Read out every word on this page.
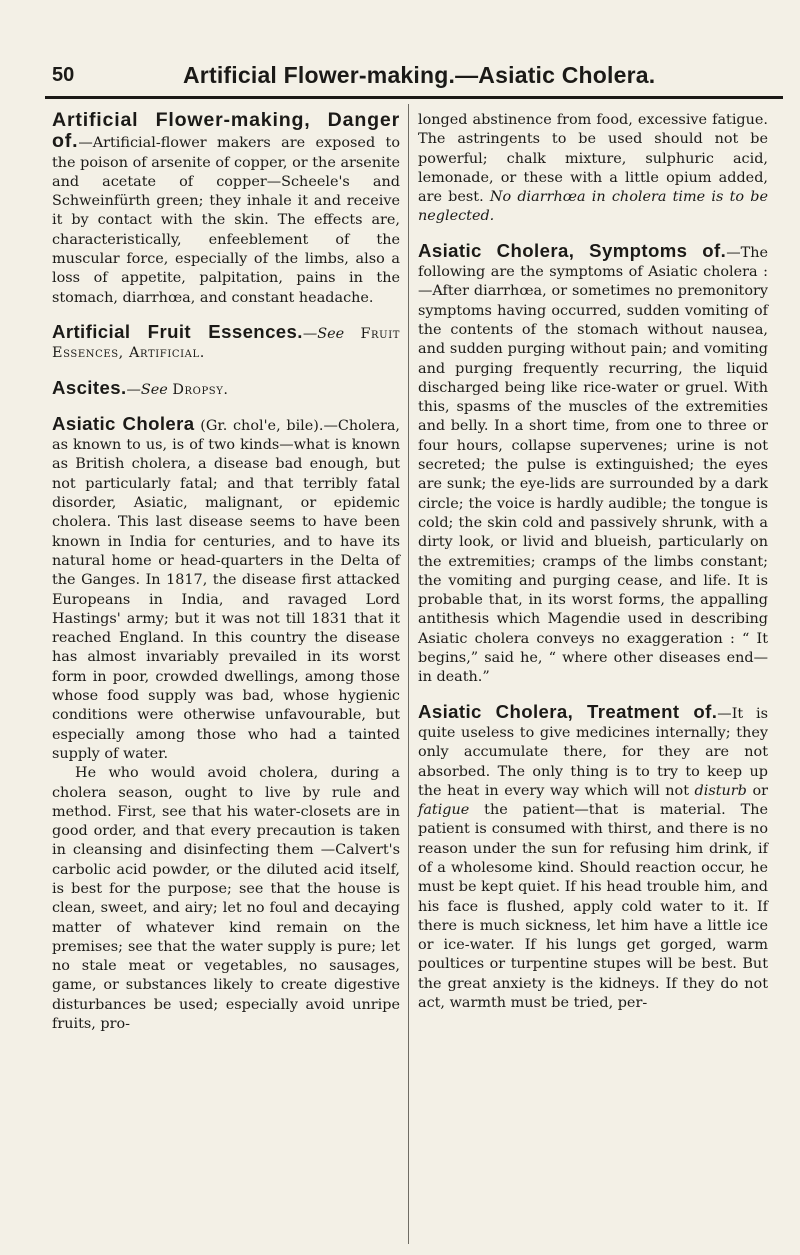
50	Artificial Flower-making.—Asiatic Cholera.

Artificial Flower-making, Danger of.—Artificial-flower makers are exposed to the poison of arsenite of copper, or the arsenite and acetate of copper—Scheele's and Schweinfürth green; they inhale it and receive it by contact with the skin. The effects are, characteristically, enfeeblement of the muscular force, especially of the limbs, also a loss of appetite, palpitation, pains in the stomach, diarrhœa, and constant headache.

Artificial Fruit Essences.—See Fruit Essences, Artificial.

Ascites.—See Dropsy.

Asiatic Cholera (Gr. chol'e, bile).—Cholera, as known to us, is of two kinds—what is known as British cholera, a disease bad enough, but not particularly fatal; and that terribly fatal disorder, Asiatic, malignant, or epidemic cholera. This last disease seems to have been known in India for centuries, and to have its natural home or head-quarters in the Delta of the Ganges. In 1817, the disease first attacked Europeans in India, and ravaged Lord Hastings' army; but it was not till 1831 that it reached England. In this country the disease has almost invariably prevailed in its worst form in poor, crowded dwellings, among those whose food supply was bad, whose hygienic conditions were otherwise unfavourable, but especially among those who had a tainted supply of water.
He who would avoid cholera, during a cholera season, ought to live by rule and method. First, see that his water-closets are in good order, and that every precaution is taken in cleansing and disinfecting them —Calvert's carbolic acid powder, or the diluted acid itself, is best for the purpose; see that the house is clean, sweet, and airy; let no foul and decaying matter of whatever kind remain on the premises; see that the water supply is pure; let no stale meat or vegetables, no sausages, game, or substances likely to create digestive disturbances be used; especially avoid unripe fruits, pro-

longed abstinence from food, excessive fatigue. The astringents to be used should not be powerful; chalk mixture, sulphuric acid, lemonade, or these with a little opium added, are best. No diarrhœa in cholera time is to be neglected.

Asiatic Cholera, Symptoms of.—The following are the symptoms of Asiatic cholera :—After diarrhœa, or sometimes no premonitory symptoms having occurred, sudden vomiting of the contents of the stomach without nausea, and sudden purging without pain; and vomiting and purging frequently recurring, the liquid discharged being like rice-water or gruel. With this, spasms of the muscles of the extremities and belly. In a short time, from one to three or four hours, collapse supervenes; urine is not secreted; the pulse is extinguished; the eyes are sunk; the eye-lids are surrounded by a dark circle; the voice is hardly audible; the tongue is cold; the skin cold and passively shrunk, with a dirty look, or livid and blueish, particularly on the extremities; cramps of the limbs constant; the vomiting and purging cease, and life. It is probable that, in its worst forms, the appalling antithesis which Magendie used in describing Asiatic cholera conveys no exaggeration : “ It begins,” said he, “ where other diseases end—in death.”

Asiatic Cholera, Treatment of.—It is quite useless to give medicines internally; they only accumulate there, for they are not absorbed. The only thing is to try to keep up the heat in every way which will not disturb or fatigue the patient—that is material. The patient is consumed with thirst, and there is no reason under the sun for refusing him drink, if of a wholesome kind. Should reaction occur, he must be kept quiet. If his head trouble him, and his face is flushed, apply cold water to it. If there is much sickness, let him have a little ice or ice-water. If his lungs get gorged, warm poultices or turpentine stupes will be best. But the great anxiety is the kidneys. If they do not act, warmth must be tried, per-
